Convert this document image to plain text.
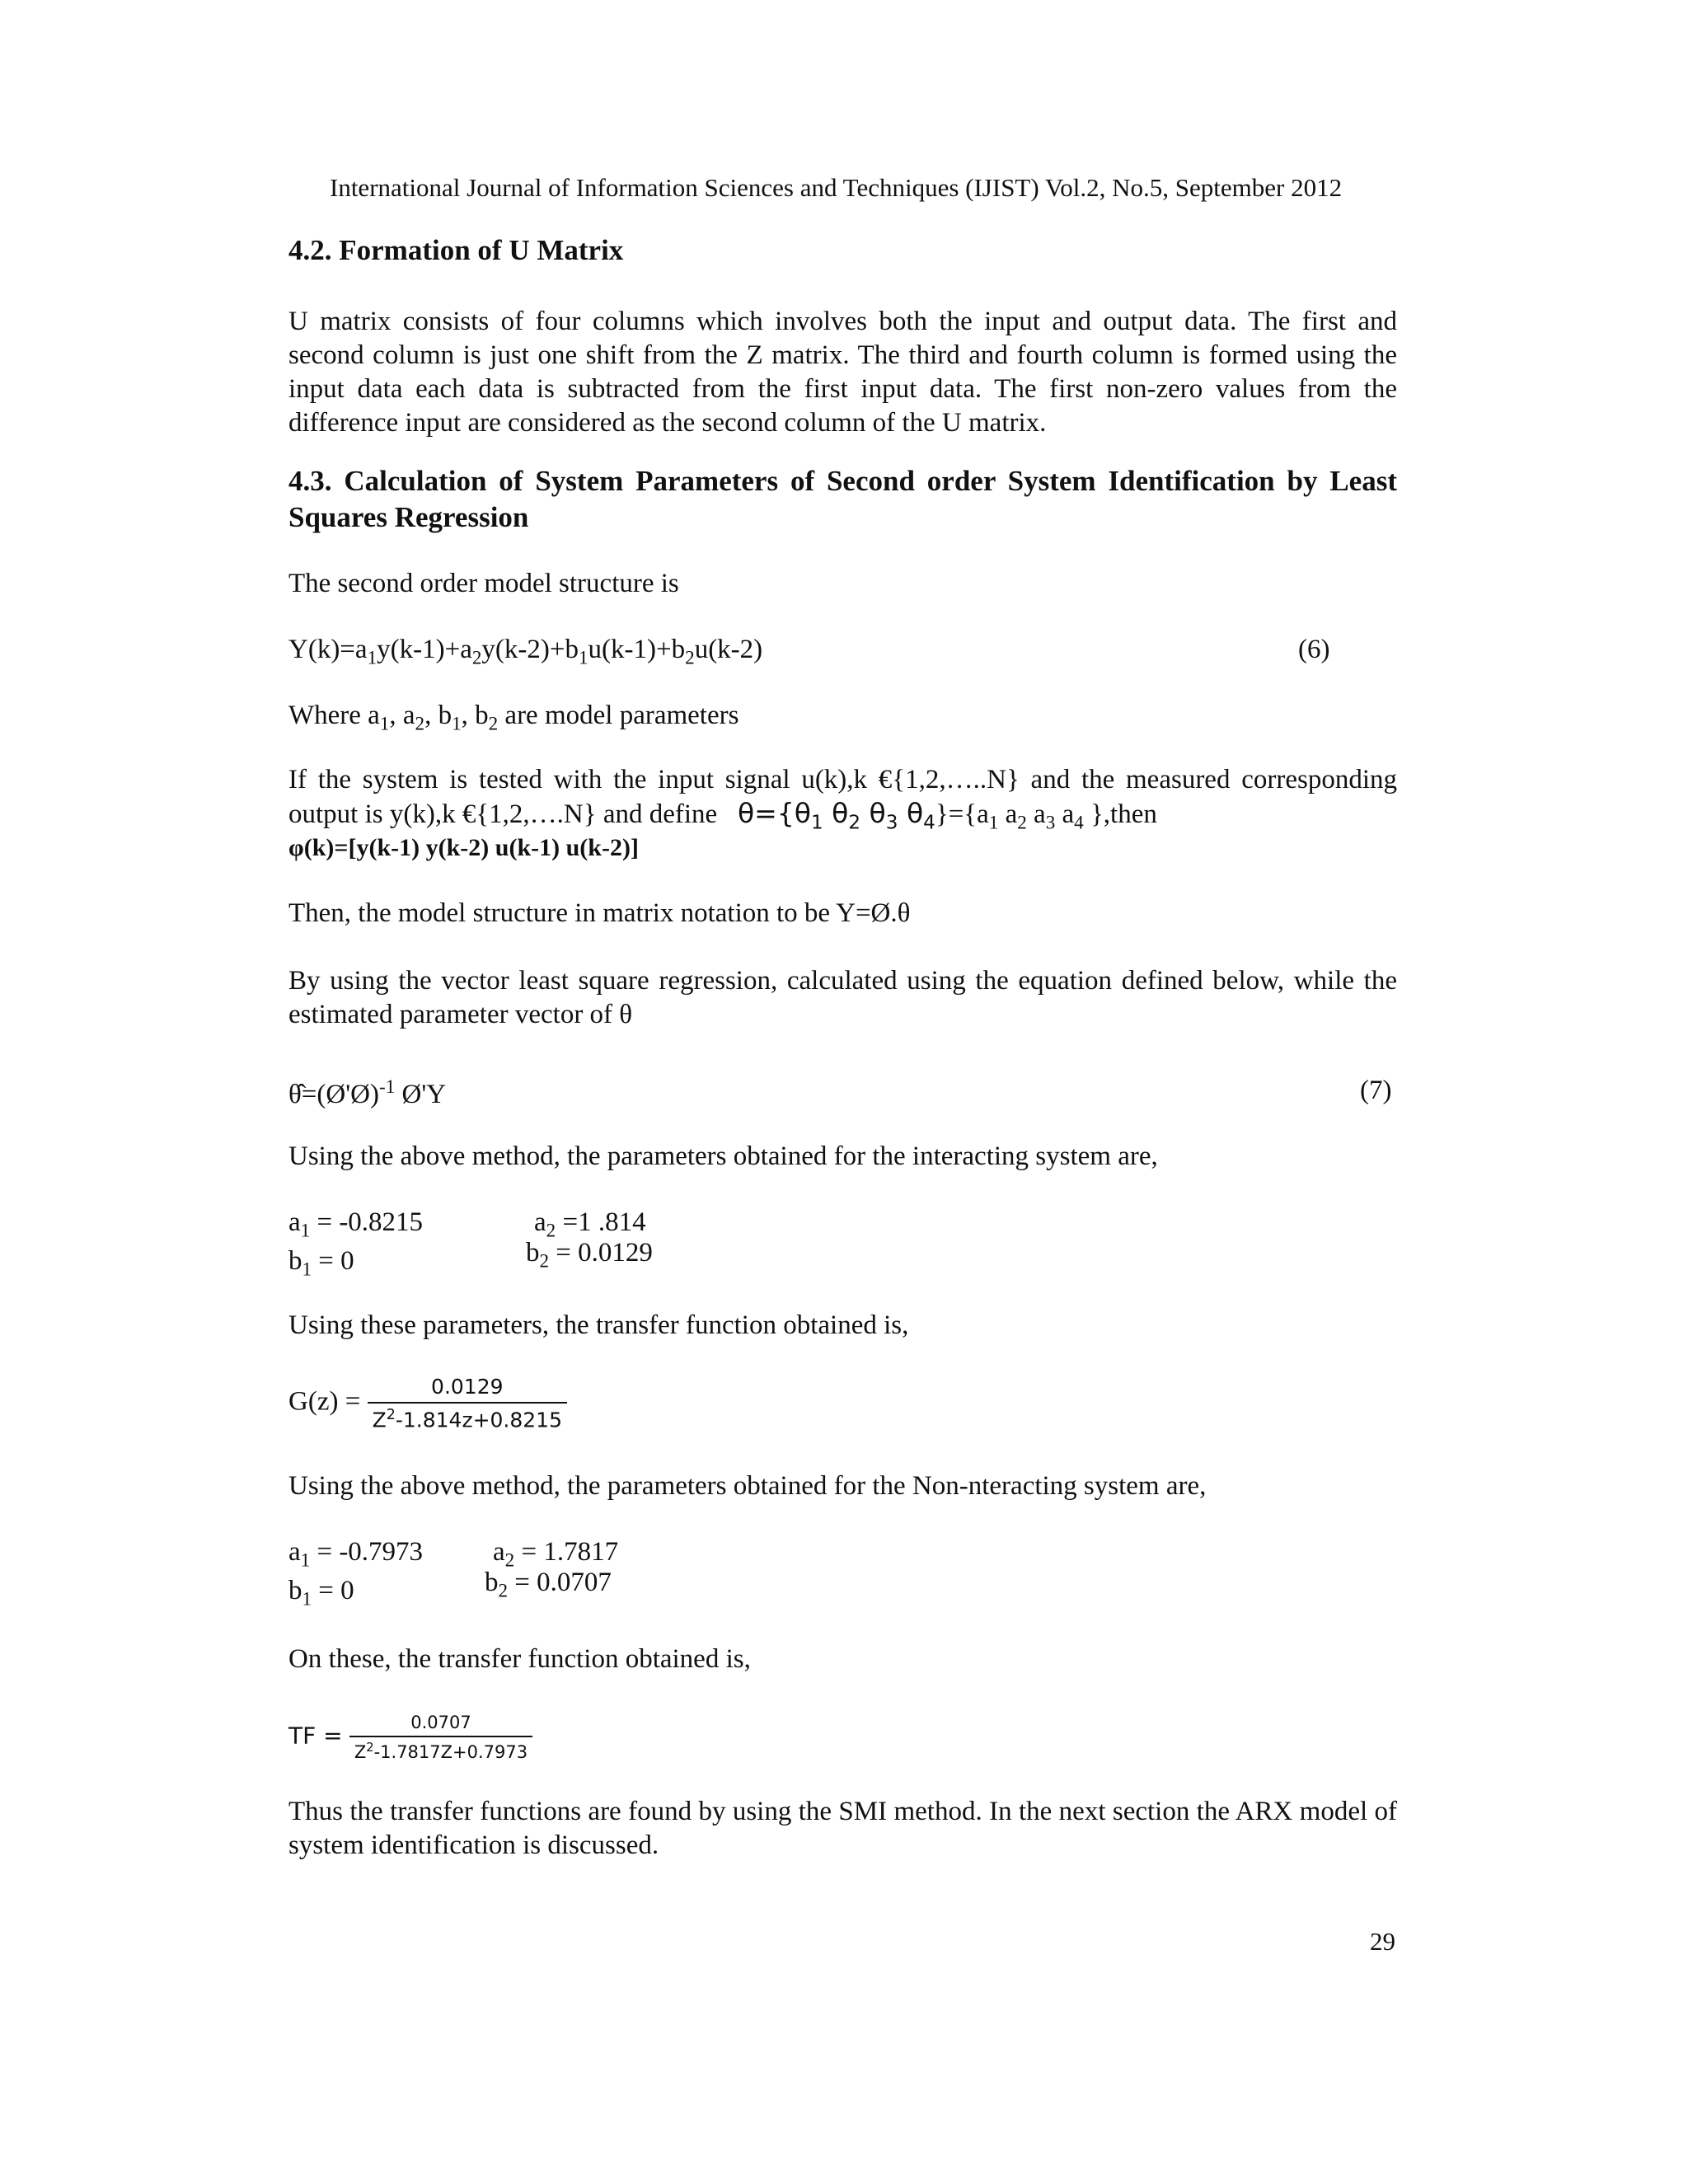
International Journal of Information Sciences and Techniques (IJIST) Vol.2, No.5, September 2012
4.2. Formation of U Matrix
U matrix consists of four columns which involves both the input and output data. The first and second column is just one shift from the Z matrix. The third and fourth column is formed using the input data each data is subtracted from the first input data. The first non-zero values from the difference input are considered as the second column of the U matrix.
4.3. Calculation of System Parameters of Second order System Identification by Least Squares Regression
The second order model structure is
$Y(k)=a_1y(k-1)+a_2y(k-2)+b_1u(k-1)+b_2u(k-2)$	(6)
Where $a_1$, $a_2$, $b_1$, $b_2$ are model parameters
If the system is tested with the input signal u(k),k €{1,2,…..N} and the measured corresponding
output is y(k),k €{1,2,….N} and define $\theta=\{\theta_1$ $\theta_2$ $\theta_3$ $\theta_4\}=\{a_1$ $a_2$ $a_3$ $a_4$ },then
φ(k)=[y(k-1) y(k-2) u(k-1) u(k-2)]
Then, the model structure in matrix notation to be Y=Ø.θ
By using the vector least square regression, calculated using the equation defined below, while the estimated parameter vector of θ
θ̂=(Ø'Ø)$^{-1}$ Ø'Y	(7)
Using the above method, the parameters obtained for the interacting system are,
$a_1 = -0.8215$	$a_2 =1$ .814
$b_1 = 0$	$b_2 = 0.0129$
Using these parameters, the transfer function obtained is,
$G(z) = \frac{0.0129}{Z^2-1.814z+0.8215}$
Using the above method, the parameters obtained for the Non-nteracting system are,
$a_1 = -0.7973$	$a_2 = 1.7817$
$b_1 = 0$	$b_2 = 0.0707$
On these, the transfer function obtained is,
TF = $\frac{0.0707}{Z^2-1.7817Z+0.7973}$
Thus the transfer functions are found by using the SMI method. In the next section the ARX model of system identification is discussed.
29
